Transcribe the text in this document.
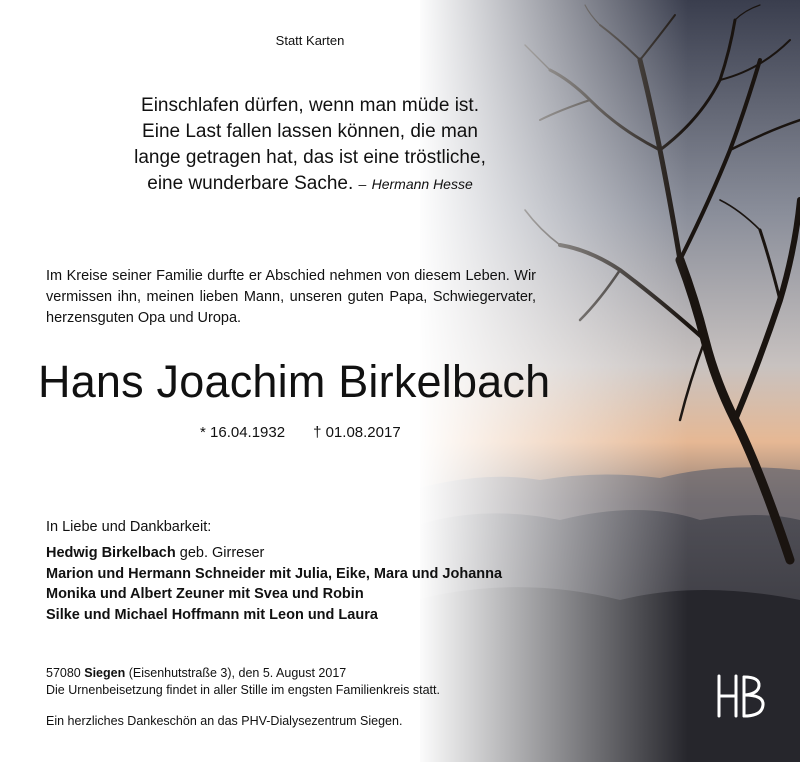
Statt Karten
Einschlafen dürfen, wenn man müde ist.
Eine Last fallen lassen können, die man
lange getragen hat, das ist eine tröstliche,
eine wunderbare Sache. – Hermann Hesse
Im Kreise seiner Familie durfte er Abschied nehmen von diesem Leben. Wir vermissen ihn, meinen lieben Mann, unseren guten Papa, Schwiegervater, herzensguten Opa und Uropa.
Hans Joachim Birkelbach
* 16.04.1932 † 01.08.2017
In Liebe und Dankbarkeit:
Hedwig Birkelbach geb. Girreser
Marion und Hermann Schneider mit Julia, Eike, Mara und Johanna
Monika und Albert Zeuner mit Svea und Robin
Silke und Michael Hoffmann mit Leon und Laura
57080 Siegen (Eisenhutstraße 3), den 5. August 2017
Die Urnenbeisetzung findet in aller Stille im engsten Familienkreis statt.
Ein herzliches Dankeschön an das PHV-Dialysezentrum Siegen.
